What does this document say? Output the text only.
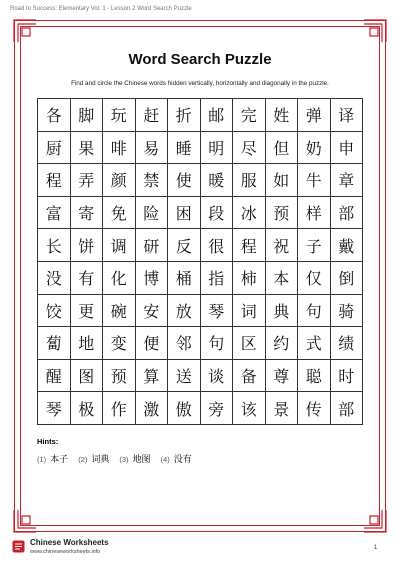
Road to Success: Elementary Vol. 1 - Lesson 2 Word Search Puzzle
Word Search Puzzle
Find and circle the Chinese words hidden vertically, horizontally and diagonally in the puzzle.
各	脚	玩	赶	折	邮	完	姓	弹	译
厨	果	啡	易	睡	明	尽	但	奶	申
程	弄	颜	禁	使	暖	服	如	牛	章
富	寄	免	险	困	段	冰	预	样	部
长	饼	调	研	反	很	程	祝	子	戴
没	有	化	博	桶	指	柿	本	仅	倒
饺	更	碗	安	放	琴	词	典	句	骑
蔔	地	变	便	邻	句	区	约	式	绩
醒	图	预	算	送	谈	备	尊	聪	时
琴	极	作	激	傲	旁	该	景	传	部
Hints:
(1) 本子 (2) 词典 (3) 地图 (4) 没有
Chinese Worksheets
www.chineseworksheets.info
1
